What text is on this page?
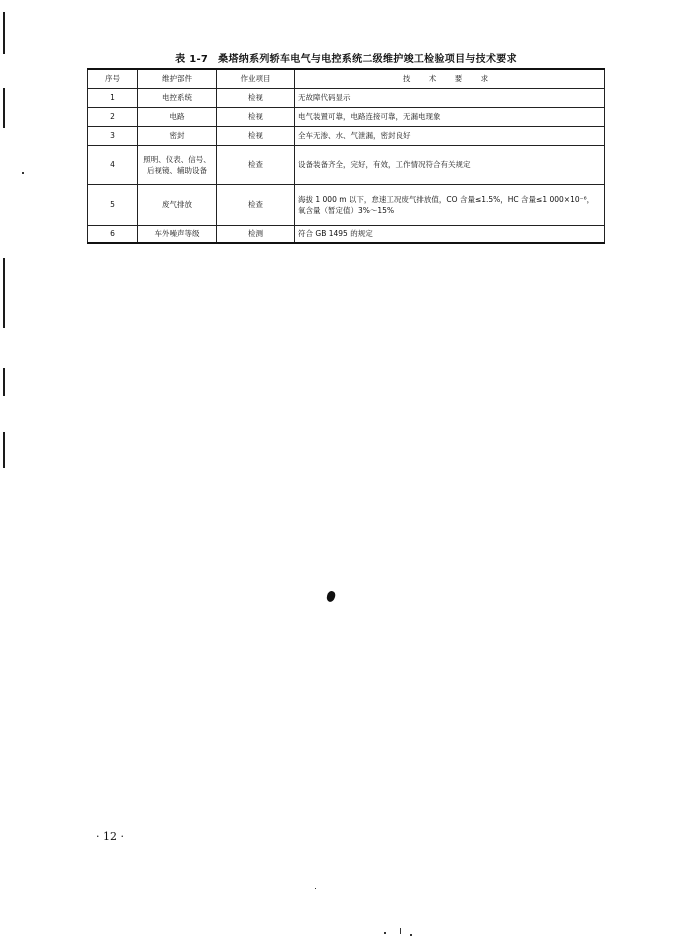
表 1-7 桑塔纳系列轿车电气与电控系统二级维护竣工检验项目与技术要求
序号	维护部件	作业项目	技 术 要 求
1	电控系统	检视	无故障代码显示
2	电路	检视	电气装置可靠，电路连接可靠，无漏电现象
3	密封	检视	全车无渗、水、气泄漏，密封良好
4	照明、仪表、信号、后视镜、辅助设备	检查	设备装备齐全，完好，有效，工作情况符合有关规定
5	废气排放	检查	海拔 1 000 m 以下，怠速工况废气排放值，CO 含量≤1.5%，HC 含量≤1 000×10⁻⁶，氧含量（暂定值）3%～15%
6	车外噪声等级	检测	符合 GB 1495 的规定
· 12 ·
